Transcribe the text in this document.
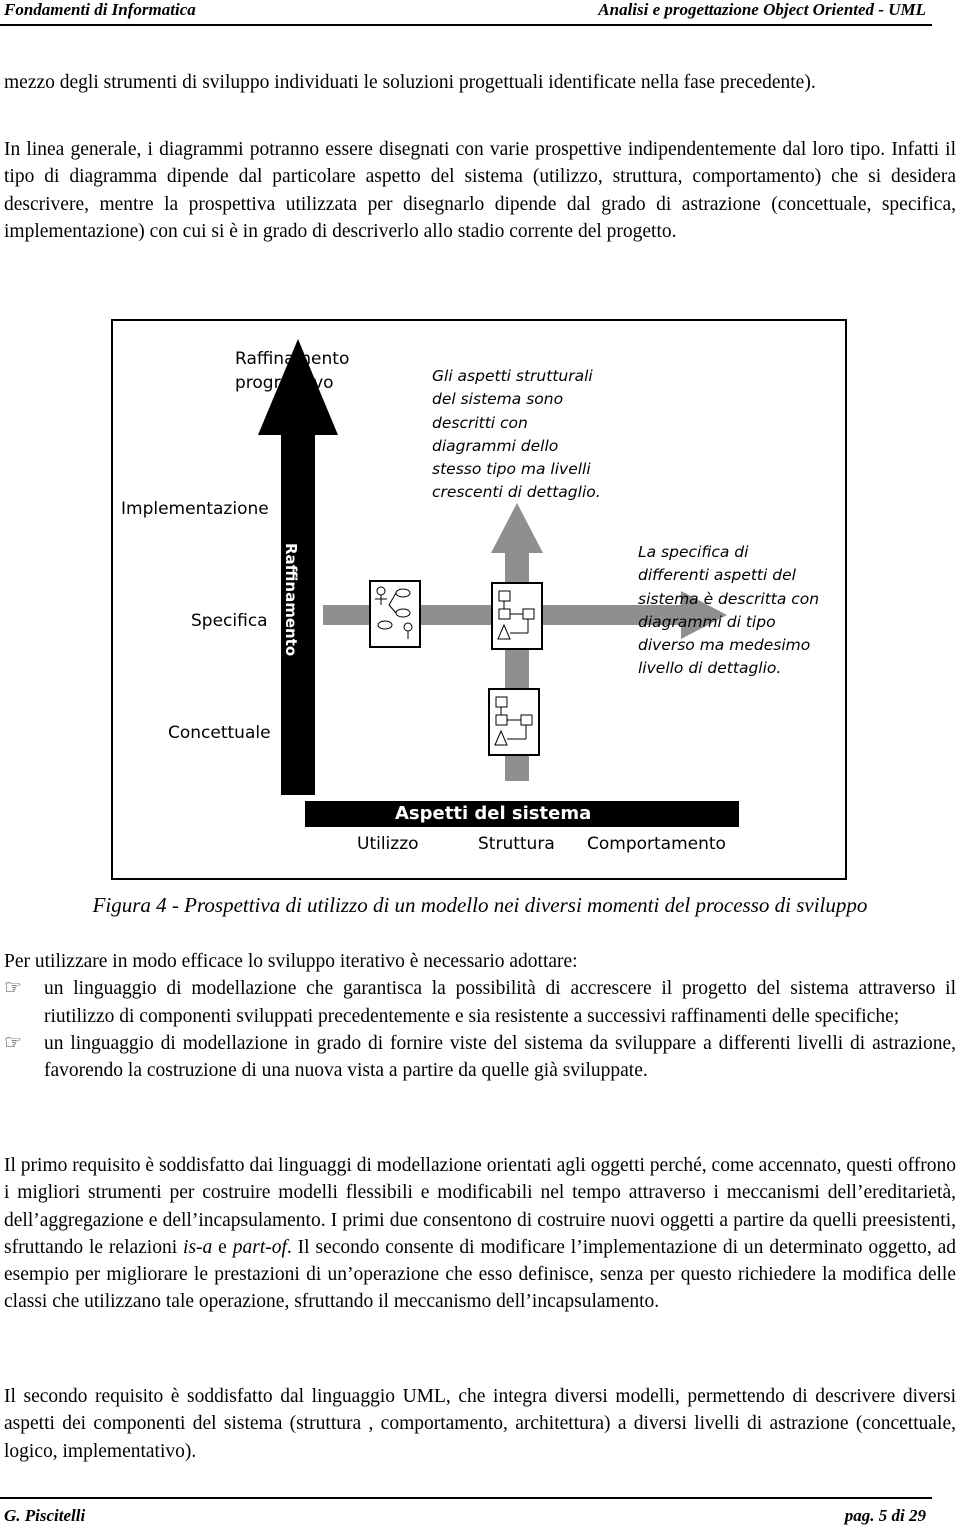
Fondamenti di Informatica	Analisi e progettazione Object Oriented - UML

mezzo degli strumenti di sviluppo individuati le soluzioni progettuali identificate nella fase precedente).

In linea generale, i diagrammi potranno essere disegnati con varie prospettive indipendentemente dal loro tipo. Infatti il tipo di diagramma dipende dal particolare aspetto del sistema (utilizzo, struttura, comportamento) che si desidera descrivere, mentre la prospettiva utilizzata per disegnarlo dipende dal grado di astrazione (concettuale, specifica, implementazione) con cui si è in grado di descriverlo allo stadio corrente del progetto.

Raffinamento
Raffinamento
progressivo
Implementazione
Specifica
Concettuale
Gli aspetti strutturali
del sistema sono
descritti con
diagrammi dello
stesso tipo ma livelli
crescenti di dettaglio.
La specifica di
differenti aspetti del
sistema è descritta con
diagrammi di tipo
diverso ma medesimo
livello di dettaglio.
Aspetti del sistema
Utilizzo	Struttura Comportamento
Figura 4 - Prospettiva di utilizzo di un modello nei diversi momenti del processo di sviluppo

Per utilizzare in modo efficace lo sviluppo iterativo è necessario adottare:

☞ un linguaggio di modellazione che garantisca la possibilità di accrescere il progetto del sistema attraverso il riutilizzo di componenti sviluppati precedentemente e sia resistente a successivi raffinamenti delle specifiche;
☞ un linguaggio di modellazione in grado di fornire viste del sistema da sviluppare a differenti livelli di astrazione, favorendo la costruzione di una nuova vista a partire da quelle già sviluppate.

Il primo requisito è soddisfatto dai linguaggi di modellazione orientati agli oggetti perché, come accennato, questi offrono i migliori strumenti per costruire modelli flessibili e modificabili nel tempo attraverso i meccanismi dell’ereditarietà, dell’aggregazione e dell’incapsulamento. I primi due consentono di costruire nuovi oggetti a partire da quelli preesistenti, sfruttando le relazioni is-a e part-of. Il secondo consente di modificare l’implementazione di un determinato oggetto, ad esempio per migliorare le prestazioni di un’operazione che esso definisce, senza per questo richiedere la modifica delle classi che utilizzano tale operazione, sfruttando il meccanismo dell’incapsulamento.

Il secondo requisito è soddisfatto dal linguaggio UML, che integra diversi modelli, permettendo di descrivere diversi aspetti dei componenti del sistema (struttura , comportamento, architettura) a diversi livelli di astrazione (concettuale, logico, implementativo).

G. Piscitelli	pag. 5 di 29
